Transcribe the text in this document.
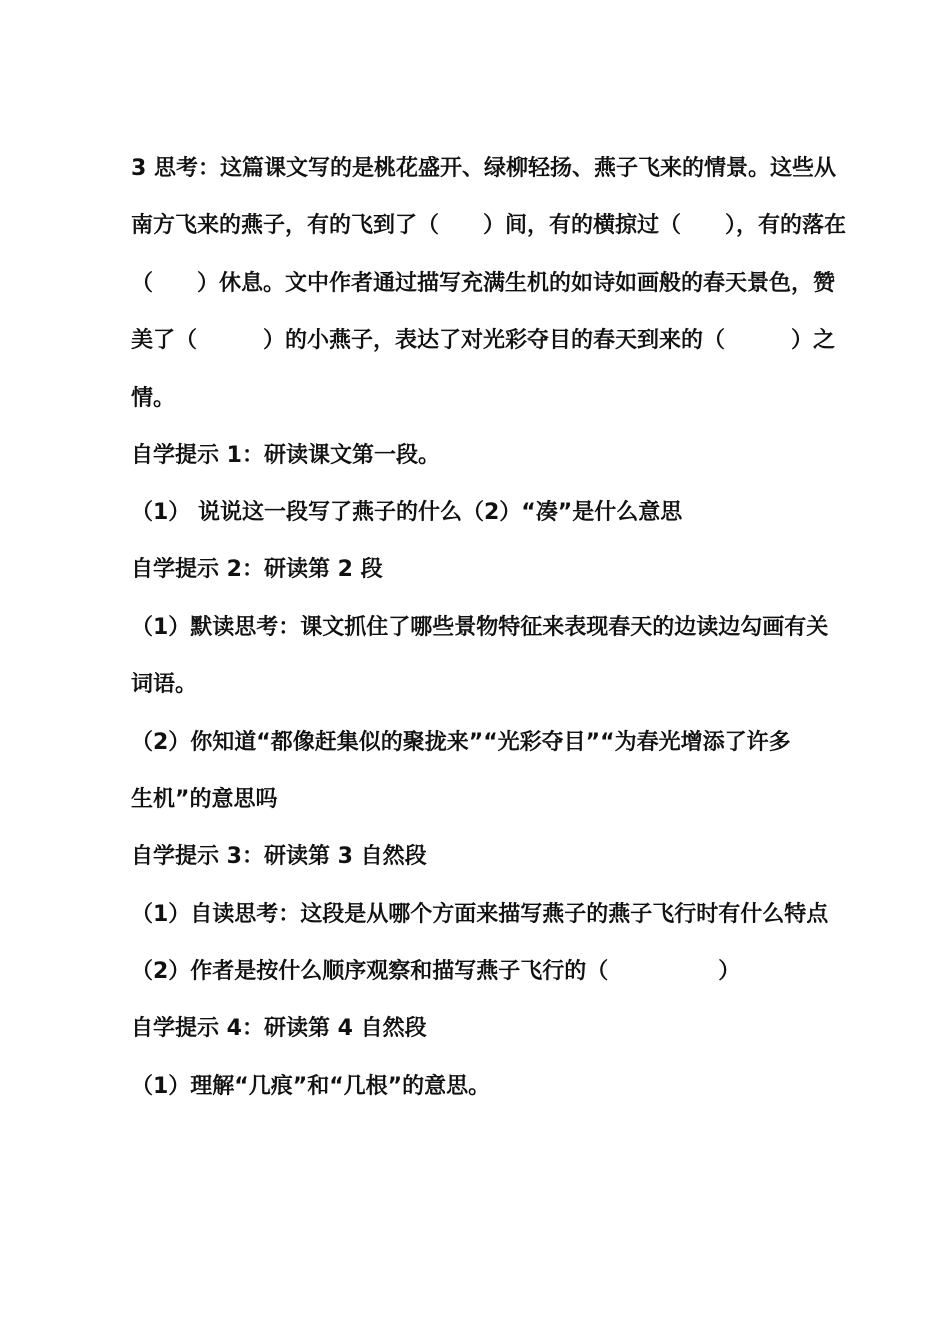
3 思考：这篇课文写的是桃花盛开、绿柳轻扬、燕子飞来的情景。这些从
南方飞来的燕子，有的飞到了（　　）间，有的横掠过（　　），有的落在
（　　）休息。文中作者通过描写充满生机的如诗如画般的春天景色，赞
美了（　　　）的小燕子，表达了对光彩夺目的春天到来的（　　　）之
情。
自学提示 1：研读课文第一段。
（1） 说说这一段写了燕子的什么（2）“凑”是什么意思
自学提示 2：研读第 2 段
（1）默读思考：课文抓住了哪些景物特征来表现春天的边读边勾画有关
词语。
（2）你知道“都像赶集似的聚拢来”“光彩夺目”“为春光增添了许多
生机”的意思吗
自学提示 3：研读第 3 自然段
（1）自读思考：这段是从哪个方面来描写燕子的燕子飞行时有什么特点
（2）作者是按什么顺序观察和描写燕子飞行的（　　　　　）
自学提示 4：研读第 4 自然段
（1）理解“几痕”和“几根”的意思。
